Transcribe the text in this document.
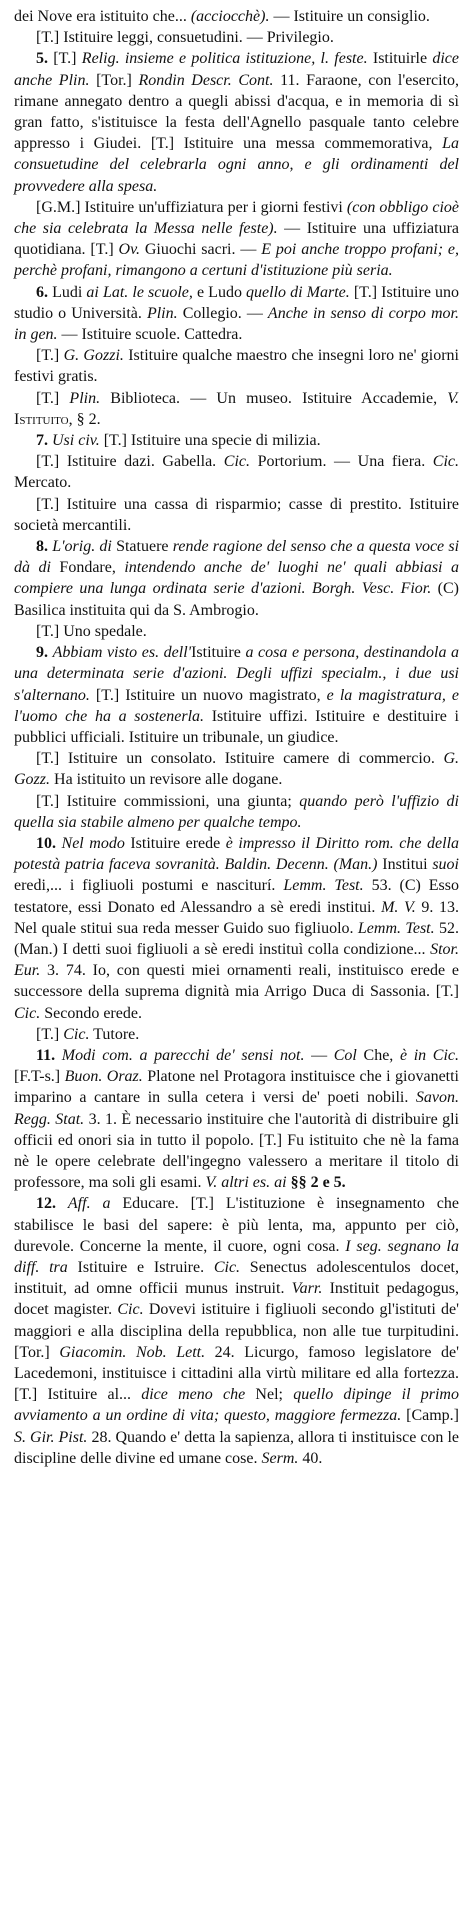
dei Nove era istituito che... (acciocchè). — Istituire un consiglio.

[T.] Istituire leggi, consuetudini. — Privilegio.

5. [T.] Relig. insieme e politica istituzione, l. feste. Istituirle dice anche Plin. [Tor.] Rondin Descr. Cont. 11. Faraone, con l'esercito, rimane annegato dentro a quegli abissi d'acqua, e in memoria di sì gran fatto, s'istituisce la festa dell'Agnello pasquale tanto celebre appresso i Giudei. [T.] Istituire una messa commemorativa, La consuetudine del celebrarla ogni anno, e gli ordinamenti del provvedere alla spesa.

[G.M.] Istituire un'uffiziatura per i giorni festivi (con obbligo cioè che sia celebrata la Messa nelle feste). — Istituire una uffiziatura quotidiana. [T.] Ov. Giuochi sacri. — E poi anche troppo profani; e, perchè profani, rimangono a certuni d'istituzione più seria.

6. Ludi ai Lat. le scuole, e Ludo quello di Marte. [T.] Istituire uno studio o Università. Plin. Collegio. — Anche in senso di corpo mor. in gen. — Istituire scuole. Cattedra.

[T.] G. Gozzi. Istituire qualche maestro che insegni loro ne' giorni festivi gratis.

[T.] Plin. Biblioteca. — Un museo. Istituire Accademie, V. Istituito, § 2.

7. Usi civ. [T.] Istituire una specie di milizia.

[T.] Istituire dazi. Gabella. Cic. Portorium. — Una fiera. Cic. Mercato.

[T.] Istituire una cassa di risparmio; casse di prestito. Istituire società mercantili.

8. L'orig. di Statuere rende ragione del senso che a questa voce si dà di Fondare, intendendo anche de' luoghi ne' quali abbiasi a compiere una lunga ordinata serie d'azioni. Borgh. Vesc. Fior. (C) Basilica instituita qui da S. Ambrogio.

[T.] Uno spedale.

9. Abbiam visto es. dell'Istituire a cosa e persona, destinandola a una determinata serie d'azioni. Degli uffizi specialm., i due usi s'alternano. [T.] Istituire un nuovo magistrato, e la magistratura, e l'uomo che ha a sostenerla. Istituire uffizi. Istituire e destituire i pubblici ufficiali. Istituire un tribunale, un giudice.

[T.] Istituire un consolato. Istituire camere di commercio. G. Gozz. Ha istituito un revisore alle dogane.

[T.] Istituire commissioni, una giunta; quando però l'uffizio di quella sia stabile almeno per qualche tempo.

10. Nel modo Istituire erede è impresso il Diritto rom. che della potestà patria faceva sovranità. Baldin. Decenn. (Man.) Institui suoi eredi,... i figliuoli postumi e nasciturí. Lemm. Test. 53. (C) Esso testatore, essi Donato ed Alessandro a sè eredi institui. M. V. 9. 13. Nel quale stitui sua reda messer Guido suo figliuolo. Lemm. Test. 52. (Man.) I detti suoi figliuoli a sè eredi instituì colla condizione... Stor. Eur. 3. 74. Io, con questi miei ornamenti reali, instituisco erede e successore della suprema dignità mia Arrigo Duca di Sassonia. [T.] Cic. Secondo erede.

[T.] Cic. Tutore.

11. Modi com. a parecchi de' sensi not. — Col Che, è in Cic. [F.T-s.] Buon. Oraz. Platone nel Protagora instituisce che i giovanetti imparino a cantare in sulla cetera i versi de' poeti nobili. Savon. Regg. Stat. 3. 1. È necessario instituire che l'autorità di distribuire gli officii ed onori sia in tutto il popolo. [T.] Fu istituito che nè la fama nè le opere celebrate dell'ingegno valessero a meritare il titolo di professore, ma soli gli esami. V. altri es. ai §§ 2 e 5.

12. Aff. a Educare. [T.] L'istituzione è insegnamento che stabilisce le basi del sapere: è più lenta, ma, appunto per ciò, durevole. Concerne la mente, il cuore, ogni cosa. I seg. segnano la diff. tra Istituire e Istruire. Cic. Senectus adolescentulos docet, instituit, ad omne officii munus instruit. Varr. Instituit pedagogus, docet magister. Cic. Dovevi istituire i figliuoli secondo gl'istituti de' maggiori e alla disciplina della repubblica, non alle tue turpitudini. [Tor.] Giacomin. Nob. Lett. 24. Licurgo, famoso legislatore de' Lacedemoni, instituisce i cittadini alla virtù militare ed alla fortezza. [T.] Istituire al... dice meno che Nel; quello dipinge il primo avviamento a un ordine di vita; questo, maggiore fermezza. [Camp.] S. Gir. Pist. 28. Quando e' detta la sapienza, allora ti instituisce con le discipline delle divine ed umane cose. Serm. 40.
